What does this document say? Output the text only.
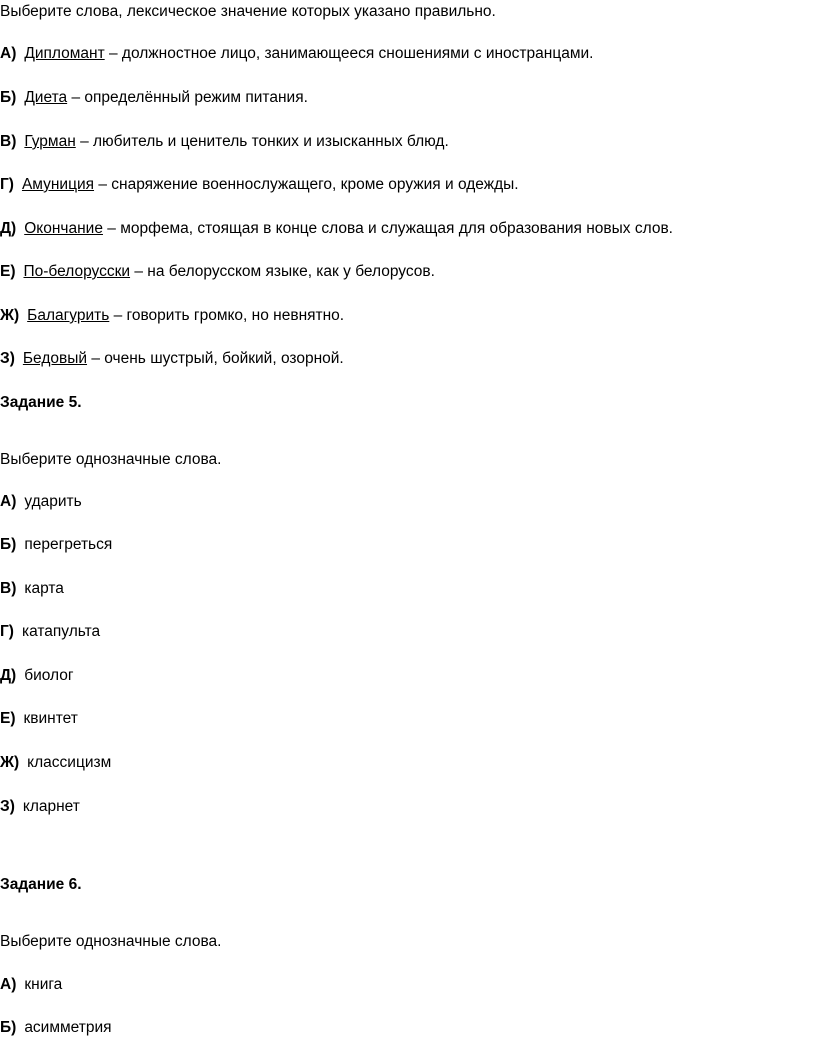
Выберите слова, лексическое значение которых указано правильно.
А) Дипломант – должностное лицо, занимающееся сношениями с иностранцами.
Б) Диета – определённый режим питания.
В) Гурман – любитель и ценитель тонких и изысканных блюд.
Г) Амуниция – снаряжение военнослужащего, кроме оружия и одежды.
Д) Окончание – морфема, стоящая в конце слова и служащая для образования новых слов.
Е) По-белорусски – на белорусском языке, как у белорусов.
Ж) Балагурить – говорить громко, но невнятно.
З) Бедовый – очень шустрый, бойкий, озорной.
Задание 5.
Выберите однозначные слова.
А) ударить
Б) перегреться
В) карта
Г) катапульта
Д) биолог
Е) квинтет
Ж) классицизм
З) кларнет
Задание 6.
Выберите однозначные слова.
А) книга
Б) асимметрия
